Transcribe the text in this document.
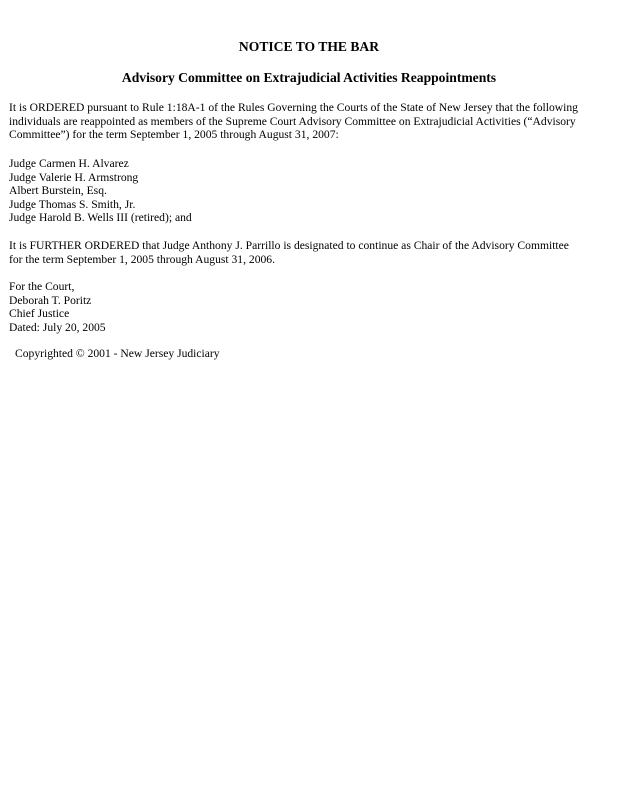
NOTICE TO THE BAR
Advisory Committee on Extrajudicial Activities Reappointments
It is ORDERED pursuant to Rule 1:18A-1 of the Rules Governing the Courts of the State of New Jersey that the following
individuals are reappointed as members of the Supreme Court Advisory Committee on Extrajudicial Activities (“Advisory
Committee”) for the term September 1, 2005 through August 31, 2007:
Judge Carmen H. Alvarez
Judge Valerie H. Armstrong
Albert Burstein, Esq.
Judge Thomas S. Smith, Jr.
Judge Harold B. Wells III (retired); and
It is FURTHER ORDERED that Judge Anthony J. Parrillo is designated to continue as Chair of the Advisory Committee
for the term September 1, 2005 through August 31, 2006.
For the Court,
Deborah T. Poritz
Chief Justice
Dated: July 20, 2005
Copyrighted © 2001 - New Jersey Judiciary
